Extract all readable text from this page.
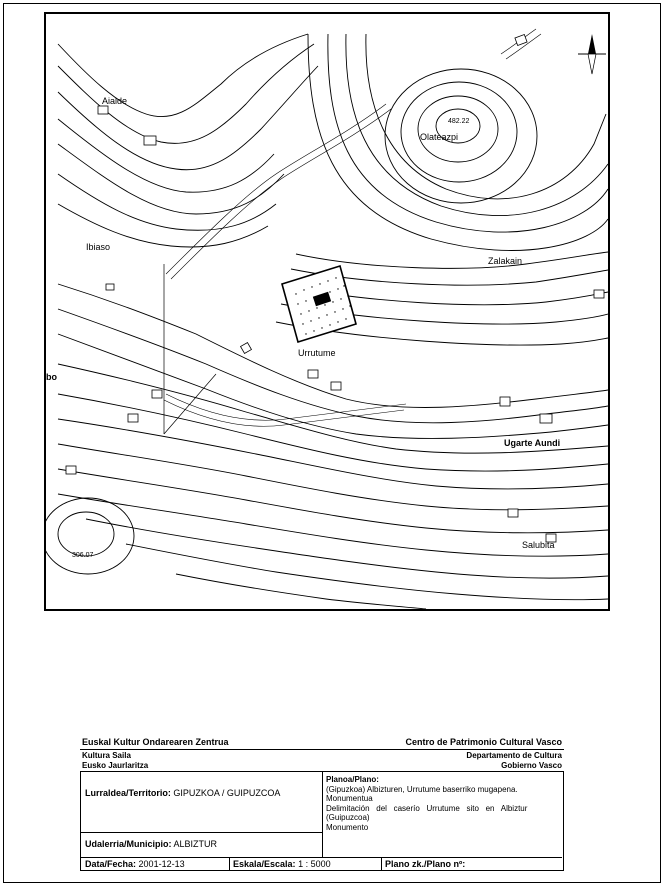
Aialde
Olateazpi
482.22
Ibiaso
Zalakain
Urrutume
Ugarte Aundi
Salubita
306.07
bo
Euskal Kultur Ondarearen Zentrua	Centro de Patrimonio Cultural Vasco
Kultura Saila	Departamento de Cultura
Eusko Jaurlaritza	Gobierno Vasco
Lurraldea/Territorio: GIPUZKOA / GUIPUZCOA
Udalerria/Municipio: ALBIZTUR
Planoa/Plano:
(Gipuzkoa) Albizturen, Urrutume baserriko mugapena.
Monumentua
Delimitación   del   caserío   Urrutume   sito   en   Albiztur
(Guipuzcoa)
Monumento
Data/Fecha: 2001-12-13	Eskala/Escala: 1 : 5000	Plano zk./Plano nº:
